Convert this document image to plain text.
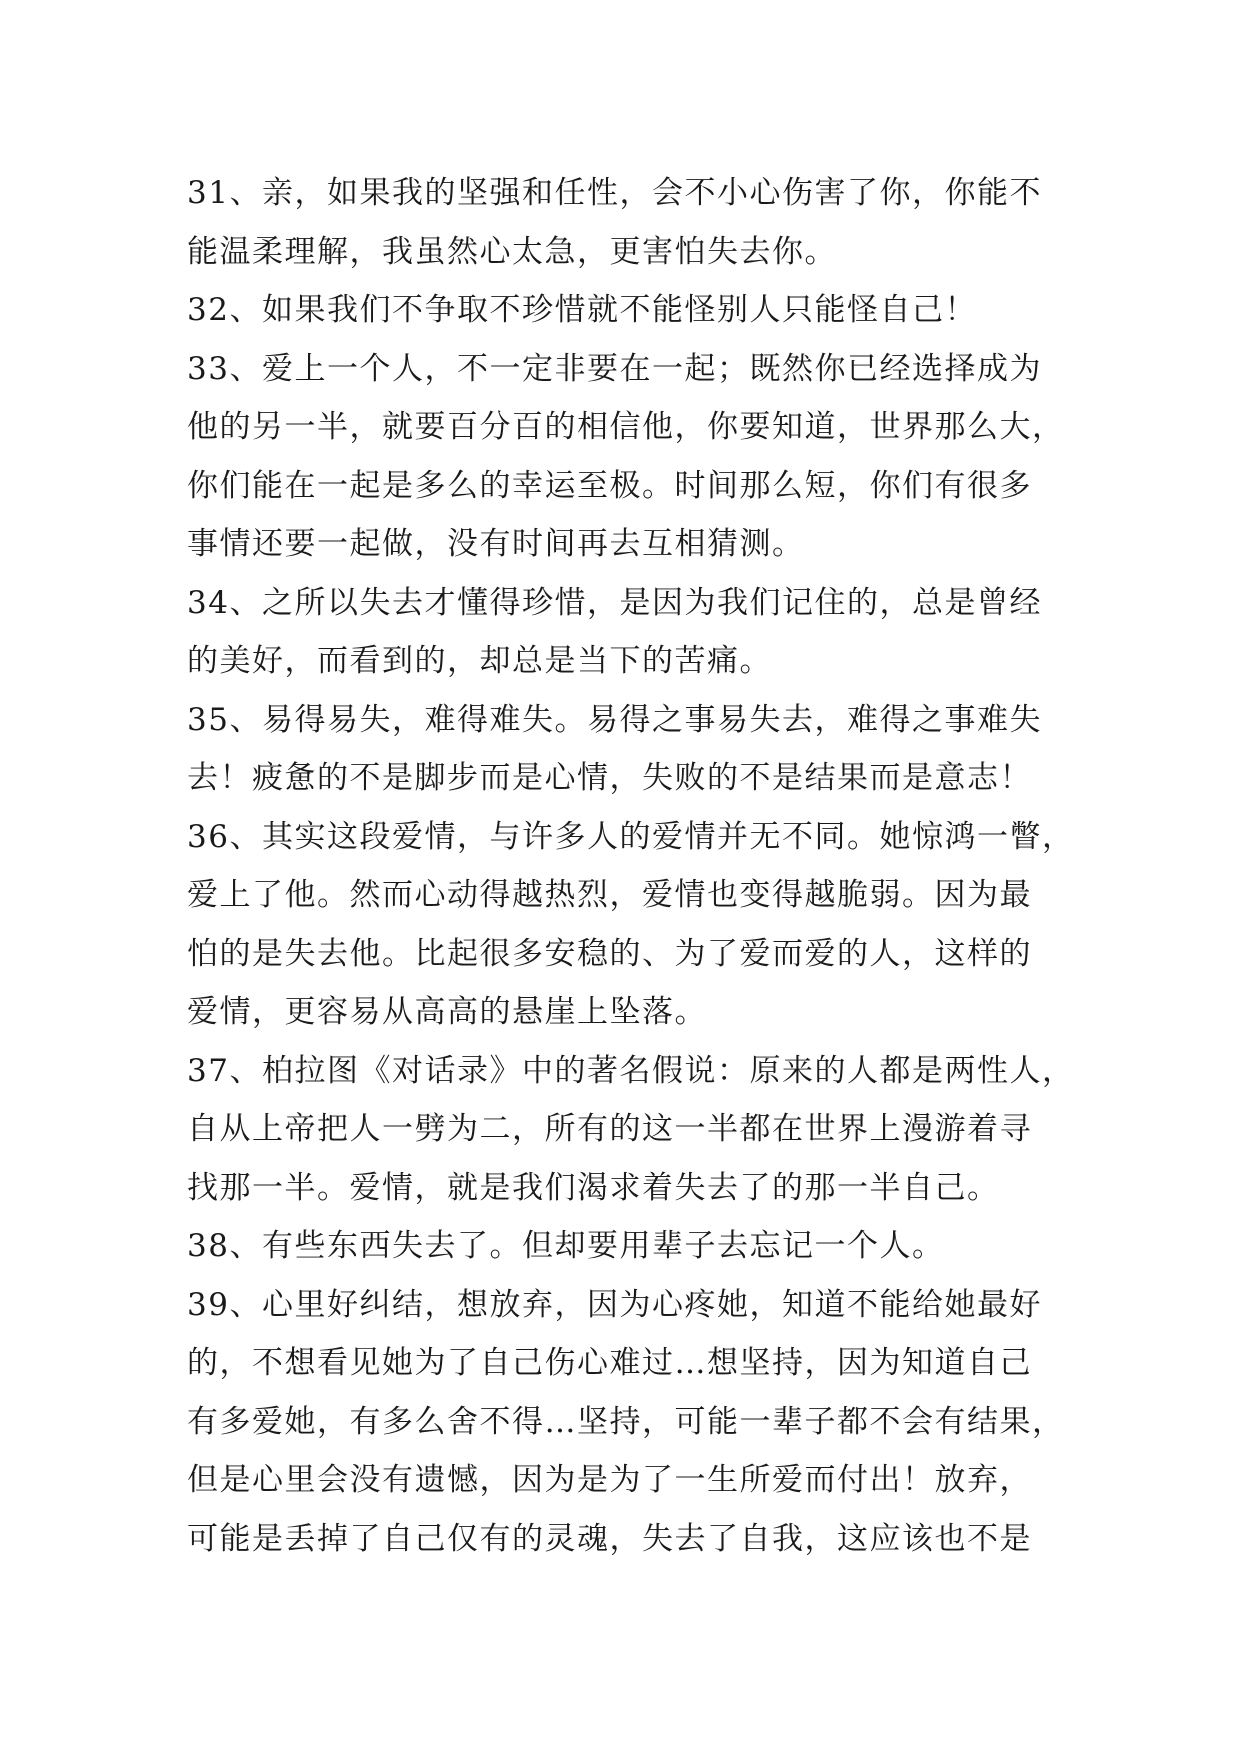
31、亲，如果我的坚强和任性，会不小心伤害了你，你能不
能温柔理解，我虽然心太急，更害怕失去你。
32、如果我们不争取不珍惜就不能怪别人只能怪自己！
33、爱上一个人，不一定非要在一起；既然你已经选择成为
他的另一半，就要百分百的相信他，你要知道，世界那么大，
你们能在一起是多么的幸运至极。时间那么短，你们有很多
事情还要一起做，没有时间再去互相猜测。
34、之所以失去才懂得珍惜，是因为我们记住的，总是曾经
的美好，而看到的，却总是当下的苦痛。
35、易得易失，难得难失。易得之事易失去，难得之事难失
去！疲惫的不是脚步而是心情，失败的不是结果而是意志！
36、其实这段爱情，与许多人的爱情并无不同。她惊鸿一瞥，
爱上了他。然而心动得越热烈，爱情也变得越脆弱。因为最
怕的是失去他。比起很多安稳的、为了爱而爱的人，这样的
爱情，更容易从高高的悬崖上坠落。
37、柏拉图《对话录》中的著名假说：原来的人都是两性人，
自从上帝把人一劈为二，所有的这一半都在世界上漫游着寻
找那一半。爱情，就是我们渴求着失去了的那一半自己。
38、有些东西失去了。但却要用辈子去忘记一个人。
39、心里好纠结，想放弃，因为心疼她，知道不能给她最好
的，不想看见她为了自己伤心难过…想坚持，因为知道自己
有多爱她，有多么舍不得…坚持，可能一辈子都不会有结果，
但是心里会没有遗憾，因为是为了一生所爱而付出！放弃，
可能是丢掉了自己仅有的灵魂，失去了自我，这应该也不是
